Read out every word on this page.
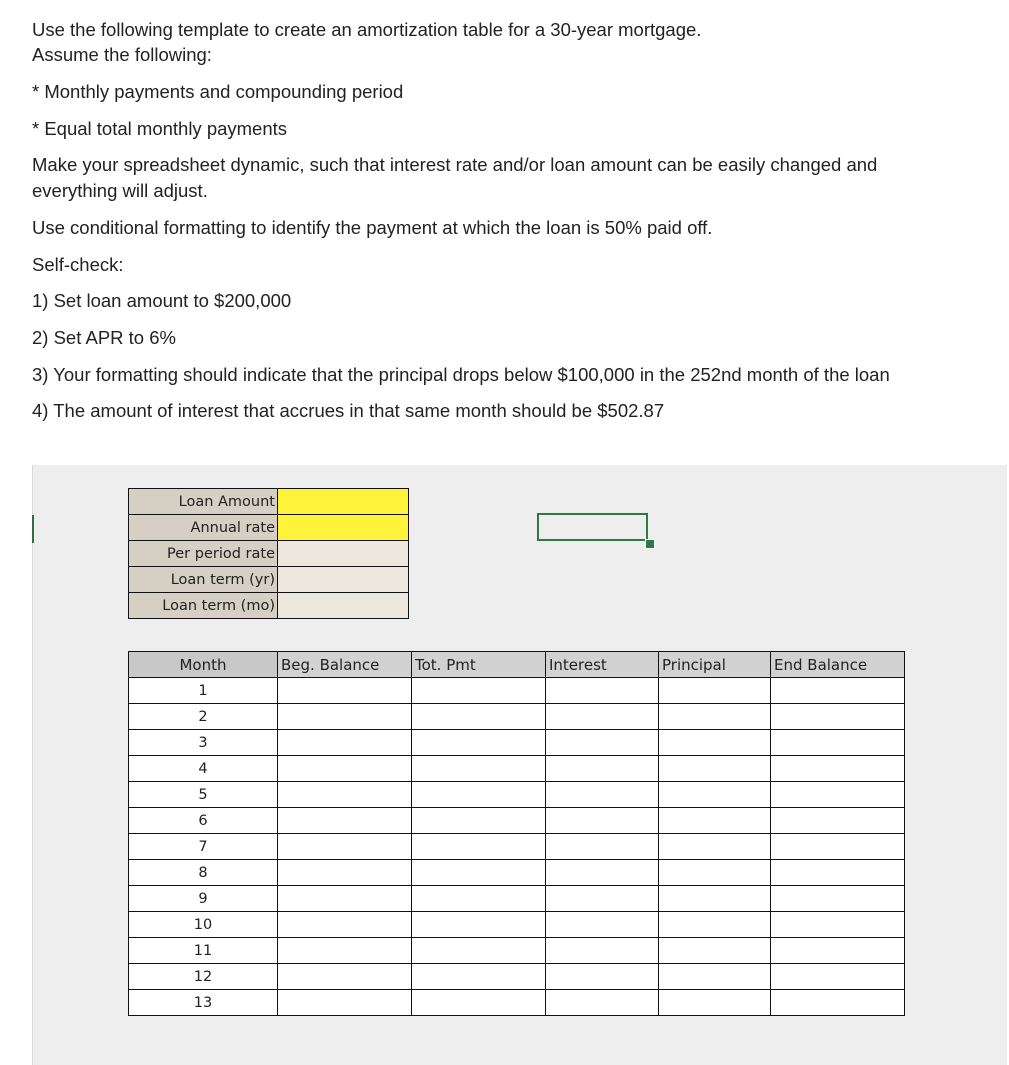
Use the following template to create an amortization table for a 30-year mortgage.
Assume the following:
* Monthly payments and compounding period
* Equal total monthly payments
Make your spreadsheet dynamic, such that interest rate and/or loan amount can be easily changed and
everything will adjust.
Use conditional formatting to identify the payment at which the loan is 50% paid off.
Self-check:
1) Set loan amount to $200,000
2) Set APR to 6%
3) Your formatting should indicate that the principal drops below $100,000 in the 252nd month of the loan
4) The amount of interest that accrues in that same month should be $502.87
Loan Amount	
Annual rate	
Per period rate	
Loan term (yr)	
Loan term (mo)	
Month	Beg. Balance	Tot. Pmt	Interest	Principal	End Balance
1					
2					
3					
4					
5					
6					
7					
8					
9					
10					
11					
12					
13					
